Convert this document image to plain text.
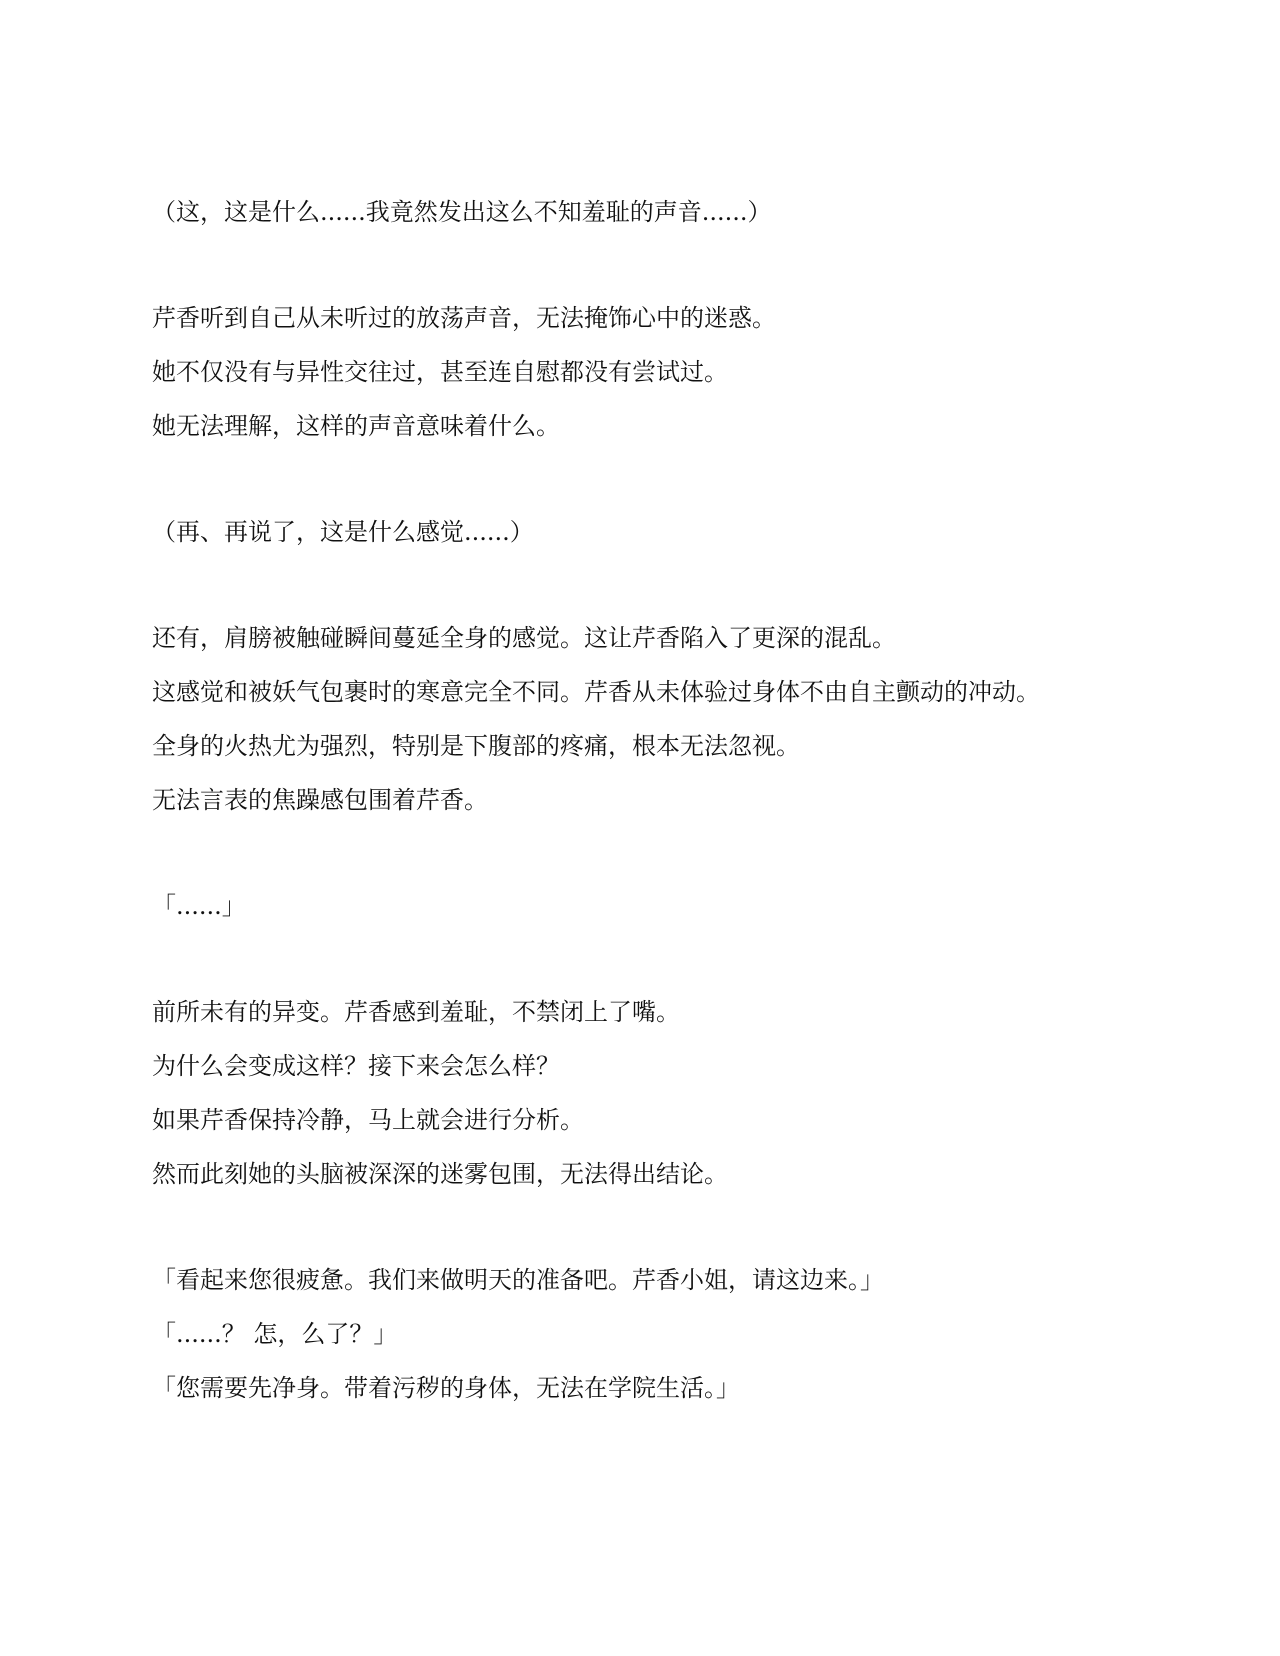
（这，这是什么......我竟然发出这么不知羞耻的声音......）
芹香听到自己从未听过的放荡声音，无法掩饰心中的迷惑。
她不仅没有与异性交往过，甚至连自慰都没有尝试过。
她无法理解，这样的声音意味着什么。
（再、再说了，这是什么感觉......）
还有，肩膀被触碰瞬间蔓延全身的感觉。这让芹香陷入了更深的混乱。
这感觉和被妖气包裹时的寒意完全不同。芹香从未体验过身体不由自主颤动的冲动。
全身的火热尤为强烈，特别是下腹部的疼痛，根本无法忽视。
无法言表的焦躁感包围着芹香。
「......」
前所未有的异变。芹香感到羞耻，不禁闭上了嘴。
为什么会变成这样？接下来会怎么样？
如果芹香保持冷静，马上就会进行分析。
然而此刻她的头脑被深深的迷雾包围，无法得出结论。
「看起来您很疲惫。我们来做明天的准备吧。芹香小姐，请这边来。」
「......？ 怎，么了？」
「您需要先净身。带着污秽的身体，无法在学院生活。」
